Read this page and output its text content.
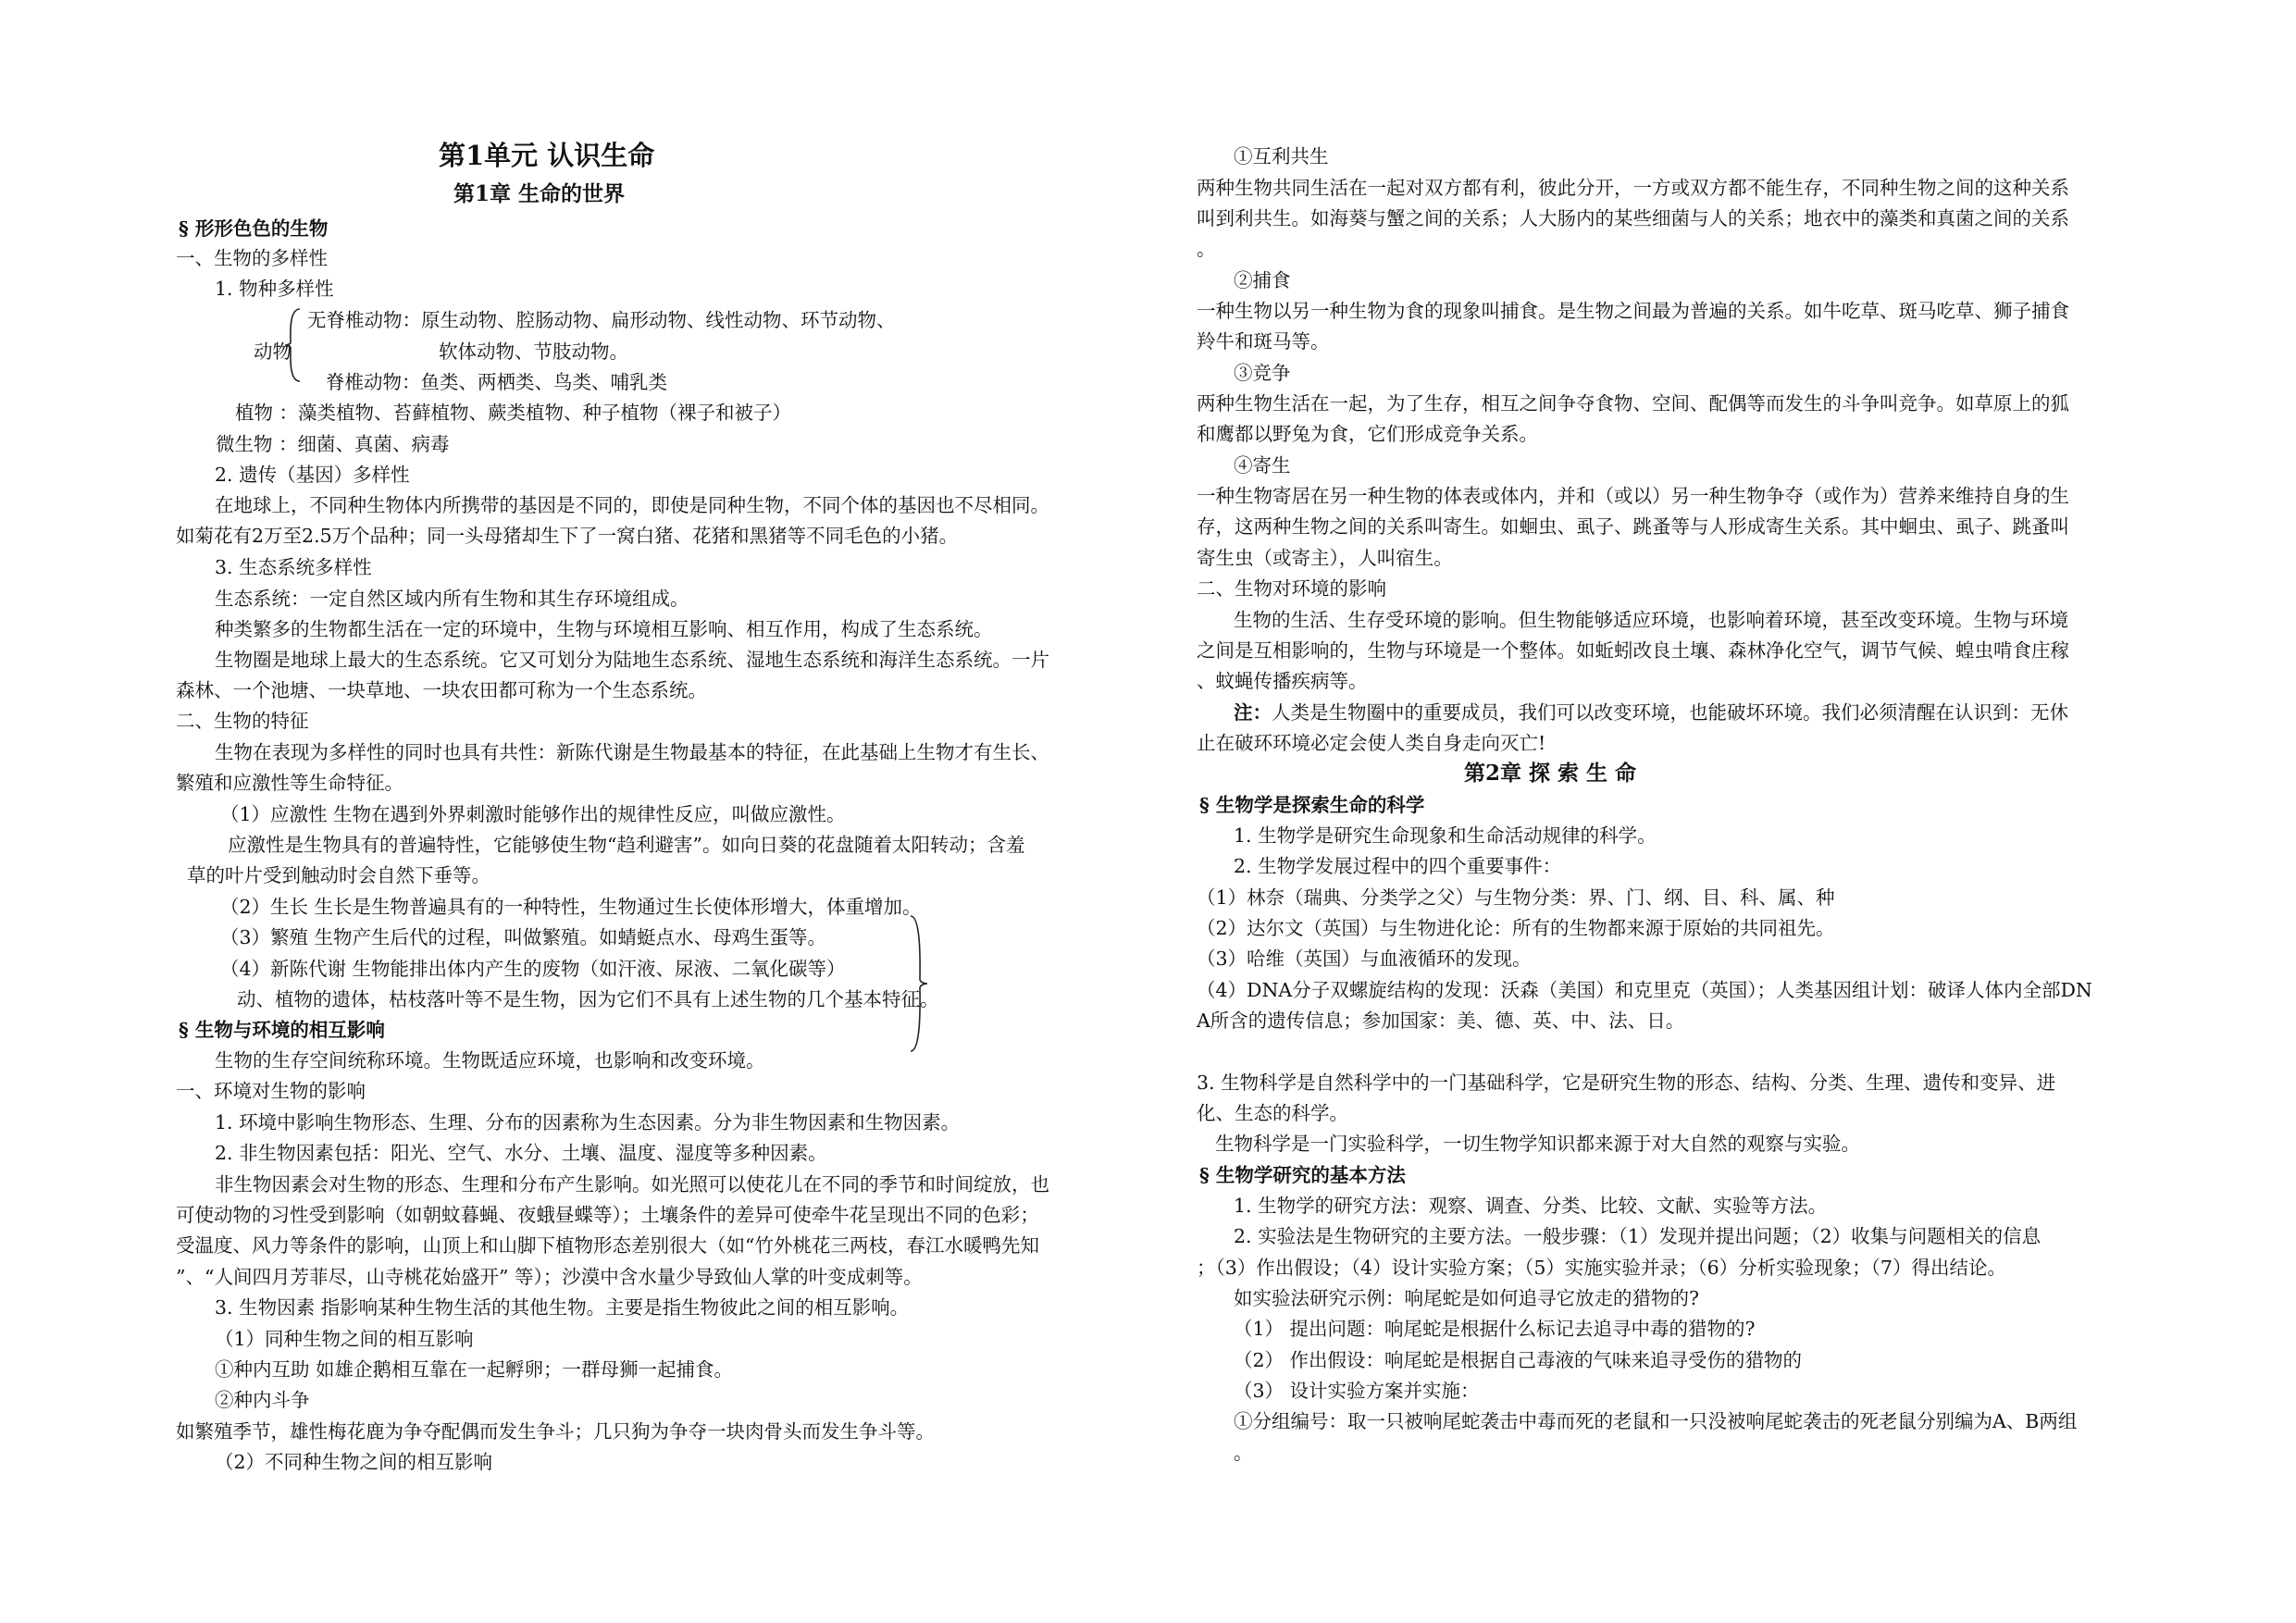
第1单元 认识生命
第1章 生命的世界
§ 形形色色的生物
一、生物的多样性
1. 物种多样性
无脊椎动物：原生动物、腔肠动物、扁形动物、线性动物、环节动物、
动物	软体动物、节肢动物。
脊椎动物：鱼类、两栖类、鸟类、哺乳类
植物 ：藻类植物、苔藓植物、蕨类植物、种子植物（裸子和被子）
微生物 ：细菌、真菌、病毒
2. 遗传（基因）多样性
在地球上，不同种生物体内所携带的基因是不同的，即使是同种生物，不同个体的基因也不尽相同。
如菊花有2万至2.5万个品种；同一头母猪却生下了一窝白猪、花猪和黑猪等不同毛色的小猪。
3. 生态系统多样性
生态系统：一定自然区域内所有生物和其生存环境组成。
种类繁多的生物都生活在一定的环境中，生物与环境相互影响、相互作用，构成了生态系统。
生物圈是地球上最大的生态系统。它又可划分为陆地生态系统、湿地生态系统和海洋生态系统。一片
森林、一个池塘、一块草地、一块农田都可称为一个生态系统。
二、生物的特征
生物在表现为多样性的同时也具有共性：新陈代谢是生物最基本的特征，在此基础上生物才有生长、
繁殖和应激性等生命特征。
（1）应激性 生物在遇到外界刺激时能够作出的规律性反应，叫做应激性。
应激性是生物具有的普遍特性，它能够使生物“趋利避害”。如向日葵的花盘随着太阳转动；含羞
草的叶片受到触动时会自然下垂等。
（2）生长 生长是生物普遍具有的一种特性，生物通过生长使体形增大，体重增加。
（3）繁殖 生物产生后代的过程，叫做繁殖。如蜻蜓点水、母鸡生蛋等。
（4）新陈代谢 生物能排出体内产生的废物（如汗液、尿液、二氧化碳等）
动、植物的遗体，枯枝落叶等不是生物，因为它们不具有上述生物的几个基本特征。
§ 生物与环境的相互影响
生物的生存空间统称环境。生物既适应环境，也影响和改变环境。
一、环境对生物的影响
1. 环境中影响生物形态、生理、分布的因素称为生态因素。分为非生物因素和生物因素。
2. 非生物因素包括：阳光、空气、水分、土壤、温度、湿度等多种因素。
非生物因素会对生物的形态、生理和分布产生影响。如光照可以使花儿在不同的季节和时间绽放，也
可使动物的习性受到影响（如朝蚊暮蝇、夜蛾昼蝶等）；土壤条件的差异可使牵牛花呈现出不同的色彩；
受温度、风力等条件的影响，山顶上和山脚下植物形态差别很大（如“竹外桃花三两枝，春江水暖鸭先知
”、“人间四月芳菲尽，山寺桃花始盛开” 等）；沙漠中含水量少导致仙人掌的叶变成刺等。
3. 生物因素 指影响某种生物生活的其他生物。主要是指生物彼此之间的相互影响。
（1）同种生物之间的相互影响
①种内互助 如雄企鹅相互靠在一起孵卵；一群母狮一起捕食。
②种内斗争
如繁殖季节，雄性梅花鹿为争夺配偶而发生争斗；几只狗为争夺一块肉骨头而发生争斗等。
（2）不同种生物之间的相互影响
①互利共生
两种生物共同生活在一起对双方都有利，彼此分开，一方或双方都不能生存，不同种生物之间的这种关系
叫到利共生。如海葵与蟹之间的关系；人大肠内的某些细菌与人的关系；地衣中的藻类和真菌之间的关系
。
②捕食
一种生物以另一种生物为食的现象叫捕食。是生物之间最为普遍的关系。如牛吃草、斑马吃草、狮子捕食
羚牛和斑马等。
③竞争
两种生物生活在一起，为了生存，相互之间争夺食物、空间、配偶等而发生的斗争叫竞争。如草原上的狐
和鹰都以野兔为食，它们形成竞争关系。
④寄生
一种生物寄居在另一种生物的体表或体内，并和（或以）另一种生物争夺（或作为）营养来维持自身的生
存，这两种生物之间的关系叫寄生。如蛔虫、虱子、跳蚤等与人形成寄生关系。其中蛔虫、虱子、跳蚤叫
寄生虫（或寄主），人叫宿生。
二、生物对环境的影响
生物的生活、生存受环境的影响。但生物能够适应环境，也影响着环境，甚至改变环境。生物与环境
之间是互相影响的，生物与环境是一个整体。如蚯蚓改良土壤、森林净化空气，调节气候、蝗虫啃食庄稼
、蚊蝇传播疾病等。
注：人类是生物圈中的重要成员，我们可以改变环境，也能破坏环境。我们必须清醒在认识到：无休
止在破环环境必定会使人类自身走向灭亡!
第2章 探 索 生 命
§ 生物学是探索生命的科学
1. 生物学是研究生命现象和生命活动规律的科学。
2. 生物学发展过程中的四个重要事件：
（1）林奈（瑞典、分类学之父）与生物分类：界、门、纲、目、科、属、种
（2）达尔文（英国）与生物进化论：所有的生物都来源于原始的共同祖先。
（3）哈维（英国）与血液循环的发现。
（4）DNA分子双螺旋结构的发现：沃森（美国）和克里克（英国）；人类基因组计划：破译人体内全部DN
A所含的遗传信息；参加国家：美、德、英、中、法、日。
3. 生物科学是自然科学中的一门基础科学，它是研究生物的形态、结构、分类、生理、遗传和变异、进
化、生态的科学。
生物科学是一门实验科学，一切生物学知识都来源于对大自然的观察与实验。
§ 生物学研究的基本方法
1. 生物学的研究方法：观察、调查、分类、比较、文献、实验等方法。
2. 实验法是生物研究的主要方法。一般步骤：（1）发现并提出问题；（2）收集与问题相关的信息
；（3）作出假设；（4）设计实验方案；（5）实施实验并录；（6）分析实验现象；（7）得出结论。
如实验法研究示例：响尾蛇是如何追寻它放走的猎物的?
（1） 提出问题：响尾蛇是根据什么标记去追寻中毒的猎物的?
（2） 作出假设：响尾蛇是根据自己毒液的气味来追寻受伤的猎物的
（3） 设计实验方案并实施：
①分组编号：取一只被响尾蛇袭击中毒而死的老鼠和一只没被响尾蛇袭击的死老鼠分别编为A、B两组
。
